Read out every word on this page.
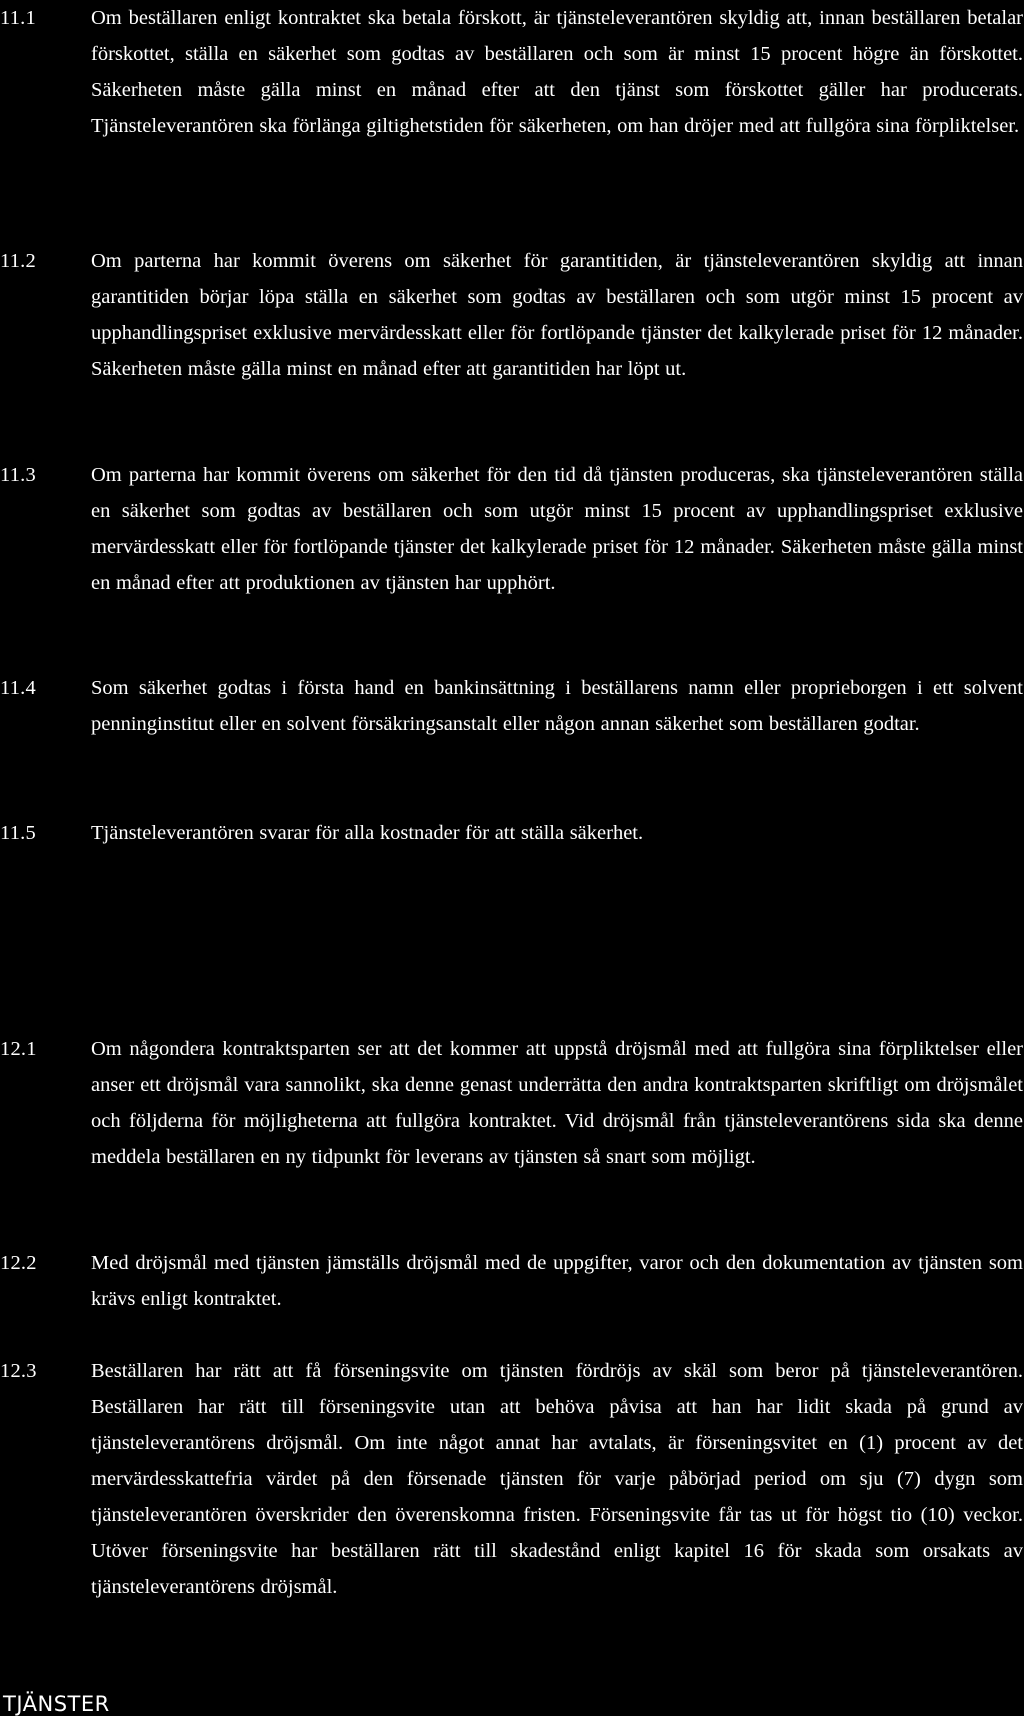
11.1	Om beställaren enligt kontraktet ska betala förskott, är tjänsteleverantören skyldig att, innan beställaren betalar förskottet, ställa en säkerhet som godtas av beställaren och som är minst 15 procent högre än förskottet. Säkerheten måste gälla minst en månad efter att den tjänst som förskottet gäller har producerats. Tjänsteleverantören ska förlänga giltighetstiden för säkerheten, om han dröjer med att fullgöra sina förpliktelser.

11.2	Om parterna har kommit överens om säkerhet för garantitiden, är tjänsteleverantören skyldig att innan garantitiden börjar löpa ställa en säkerhet som godtas av beställaren och som utgör minst 15 procent av upphandlingspriset exklusive mervärdesskatt eller för fortlöpande tjänster det kalkylerade priset för 12 månader. Säkerheten måste gälla minst en månad efter att garantitiden har löpt ut.

11.3	Om parterna har kommit överens om säkerhet för den tid då tjänsten produceras, ska tjänsteleverantören ställa en säkerhet som godtas av beställaren och som utgör minst 15 procent av upphandlingspriset exklusive mervärdesskatt eller för fortlöpande tjänster det kalkylerade priset för 12 månader. Säkerheten måste gälla minst en månad efter att produktionen av tjänsten har upphört.

11.4	Som säkerhet godtas i första hand en bankinsättning i beställarens namn eller proprieborgen i ett solvent penninginstitut eller en solvent försäkringsanstalt eller någon annan säkerhet som beställaren godtar.

11.5	Tjänsteleverantören svarar för alla kostnader för att ställa säkerhet.

12.1	Om någondera kontraktsparten ser att det kommer att uppstå dröjsmål med att fullgöra sina förpliktelser eller anser ett dröjsmål vara sannolikt, ska denne genast underrätta den andra kontraktsparten skriftligt om dröjsmålet och följderna för möjligheterna att fullgöra kontraktet. Vid dröjsmål från tjänsteleverantörens sida ska denne meddela beställaren en ny tidpunkt för leverans av tjänsten så snart som möjligt.

12.2	Med dröjsmål med tjänsten jämställs dröjsmål med de uppgifter, varor och den dokumentation av tjänsten som krävs enligt kontraktet.

12.3	Beställaren har rätt att få förseningsvite om tjänsten fördröjs av skäl som beror på tjänsteleverantören. Beställaren har rätt till förseningsvite utan att behöva påvisa att han har lidit skada på grund av tjänsteleverantörens dröjsmål. Om inte något annat har avtalats, är förseningsvitet en (1) procent av det mervärdesskattefria värdet på den försenade tjänsten för varje påbörjad period om sju (7) dygn som tjänsteleverantören överskrider den överenskomna fristen. Förseningsvite får tas ut för högst tio (10) veckor. Utöver förseningsvite har beställaren rätt till skadestånd enligt kapitel 16 för skada som orsakats av tjänsteleverantörens dröjsmål.

TJÄNSTER
